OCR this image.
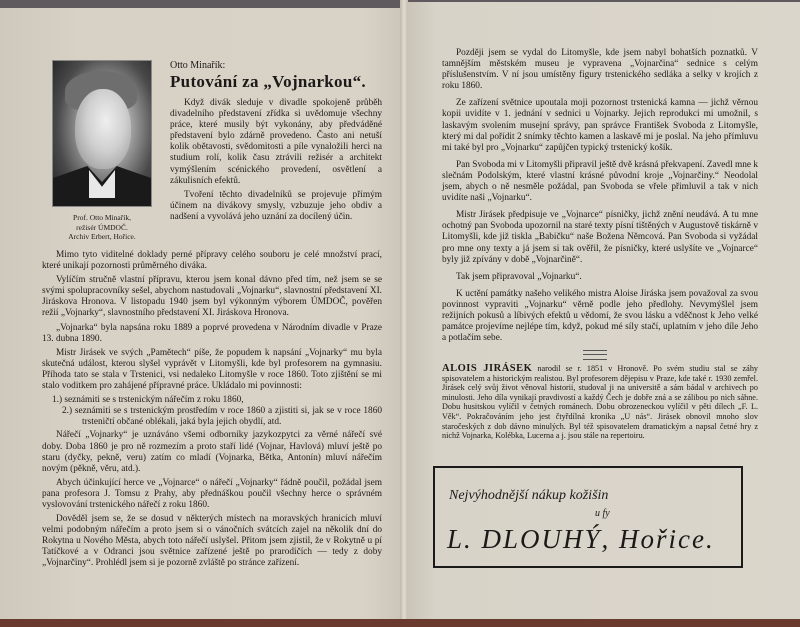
Prof. Otto Minařík,
režisér ÚMDOČ.
Archiv Erbert, Hořice.
Otto Minařík:
Putování za „Vojnarkou“.

Když divák sleduje v divadle spokojeně průběh divadelního představení zřídka si uvědomuje všechny práce, které musily být vykonány, aby předváděné představení bylo zdárně provedeno. Často ani netuší kolik obětavosti, svědomitosti a píle vynaložili herci na studium rolí, kolik času ztrávili režisér a architekt vymýšlením scénického provedení, osvětlení a zákulisních efektů.

Tvoření těchto divadelníků se projevuje přímým účinem na divákovy smysly, vzbuzuje jeho obdiv a nadšení a vyvolává jeho uznání za docílený účin.

Mimo tyto viditelné doklady perné přípravy celého souboru je celé množství prací, které unikají pozornosti průměrného diváka.

Vylíčím stručně vlastní přípravu, kterou jsem konal dávno před tím, než jsem se se svými spolupracovníky sešel, abychom nastudovali „Vojnarku“, slavnostní představení XI. Jiráskova Hronova. V listopadu 1940 jsem byl výkonným výborem ÚMDOČ, pověřen režií „Vojnarky“, slavnostního představení XI. Jiráskova Hronova.

„Vojnarka“ byla napsána roku 1889 a poprvé provedena v Národním divadle v Praze 13. dubna 1890.

Mistr Jirásek ve svých „Pamětech“ píše, že popudem k napsání „Vojnarky“ mu byla skutečná událost, kterou slyšel vyprávět v Litomyšli, kde byl profesorem na gymnasiu. Příhoda tato se stala v Trstenici, vsi nedaleko Litomyšle v roce 1860. Toto zjištění se mi stalo voditkem pro zahájené přípravné práce. Ukládalo mi povinnosti:

1.) seznámiti se s trstenickým nářečím z roku 1860,
2.) seznámiti se s trstenickým prostředím v roce 1860 a zjistiti si, jak se v roce 1860 trsteničtí občané oblékali, jaká byla jejich obydlí, atd.

Nářečí „Vojnarky“ je uznáváno všemi odborníky jazykozpytci za věrné nářečí své doby. Doba 1860 je pro ně rozmezím a proto staří lidé (Vojnar, Havlová) mluví ještě po staru (dyčky, pekně, veru) zatím co mladí (Vojnarka, Bětka, Antonín) mluví nářečím novým (pěkně, věru, atd.).

Abych účinkující herce ve „Vojnarce“ o nářečí „Vojnarky“ řádně poučil, požádal jsem pana profesora J. Tomsu z Prahy, aby přednáškou poučil všechny herce o správném vyslovování trstenického nářečí z roku 1860.

Dověděl jsem se, že se dosud v některých místech na moravských hranicích mluví velmi podobným nářečím a proto jsem si o vánočních svátcích zajel na několik dní do Rokytna u Nového Města, abych toto nářečí uslyšel. Přitom jsem zjistil, že v Rokytně u pí Tatíčkové a v Odranci jsou světnice zařízené ještě po prarodičích — tedy z doby „Vojnarčiny“. Prohlédl jsem si je pozorně zvláště po stránce zařízení.

Později jsem se vydal do Litomyšle, kde jsem nabyl bohatších poznatků. V tamnějším městském museu je vypravena „Vojnarčina“ sednice s celým příslušenstvím. V ní jsou umístěny figury trstenického sedláka a selky v krojích z roku 1860.

Ze zařízení světnice upoutala moji pozornost trstenická kamna — jichž věrnou kopii uvidíte v 1. jednání v sednici u Vojnarky. Jejich reprodukci mi umožnil, s laskavým svolením musejní správy, pan správce František Svoboda z Litomyšle, který mi dal pořídit 2 snímky těchto kamen a laskavě mi je poslal. Na jeho přímluvu mi také byl pro „Vojnarku“ zapůjčen typický trstenický košík.

Pan Svoboda mi v Litomyšli připravil ještě dvě krásná překvapení. Zavedl mne k slečnám Podolským, které vlastní krásné původní kroje „Vojnarčiny.“ Neodolal jsem, abych o ně nesměle požádal, pan Svoboda se vřele přimluvil a tak v nich uvidíte naši „Vojnarku“.

Mistr Jirásek předpisuje ve „Vojnarce“ písničky, jichž znění neudává. A tu mne ochotný pan Svoboda upozornil na staré texty písní tištěných v Augustově tiskárně v Litomyšli, kde již tiskla „Babičku“ naše Božena Němcová. Pan Svoboda si vyžádal pro mne ony texty a já jsem si tak ověřil, že písničky, které uslyšíte ve „Vojnarce“ byly již zpívány v době „Vojnarčině“.

Tak jsem připravoval „Vojnarku“.

K uctění památky našeho velikého mistra Aloise Jiráska jsem považoval za svou povinnost vypraviti „Vojnarku“ věrně podle jeho předlohy. Nevymýšlel jsem režijních pokusů a líbivých efektů u vědomí, že svou lásku a vděčnost k Jeho velké památce projevíme nejlépe tím, když, pokud mé síly stačí, uplatním v jeho díle Jeho a potlačím sebe.

ALOIS JIRÁSEK narodil se r. 1851 v Hronově. Po svém studiu stal se záhy spisovatelem a historickým realistou. Byl profesorem dějepisu v Praze, kde také r. 1930 zemřel. Jirásek celý svůj život věnoval historii, studoval ji na universitě a sám bádal v archivech po minulosti. Jeho díla vynikají pravdivostí a každý Čech je dobře zná a se zálibou po nich sáhne. Dobu husitskou vylíčil v četných románech. Dobu obrozeneckou vylíčil v pěti dílech „F. L. Věk“. Pokračováním jeho jest čtyřdílná kronika „U nás“. Jirásek obnovil mnoho slov staročeských z dob dávno minulých. Byl též spisovatelem dramatickým a napsal četné hry z nichž Vojnarka, Kolébka, Lucerna a j. jsou stále na repertoiru.
Nejvýhodnější nákup kožišin
u fy
L. DLOUHÝ, Hořice.
